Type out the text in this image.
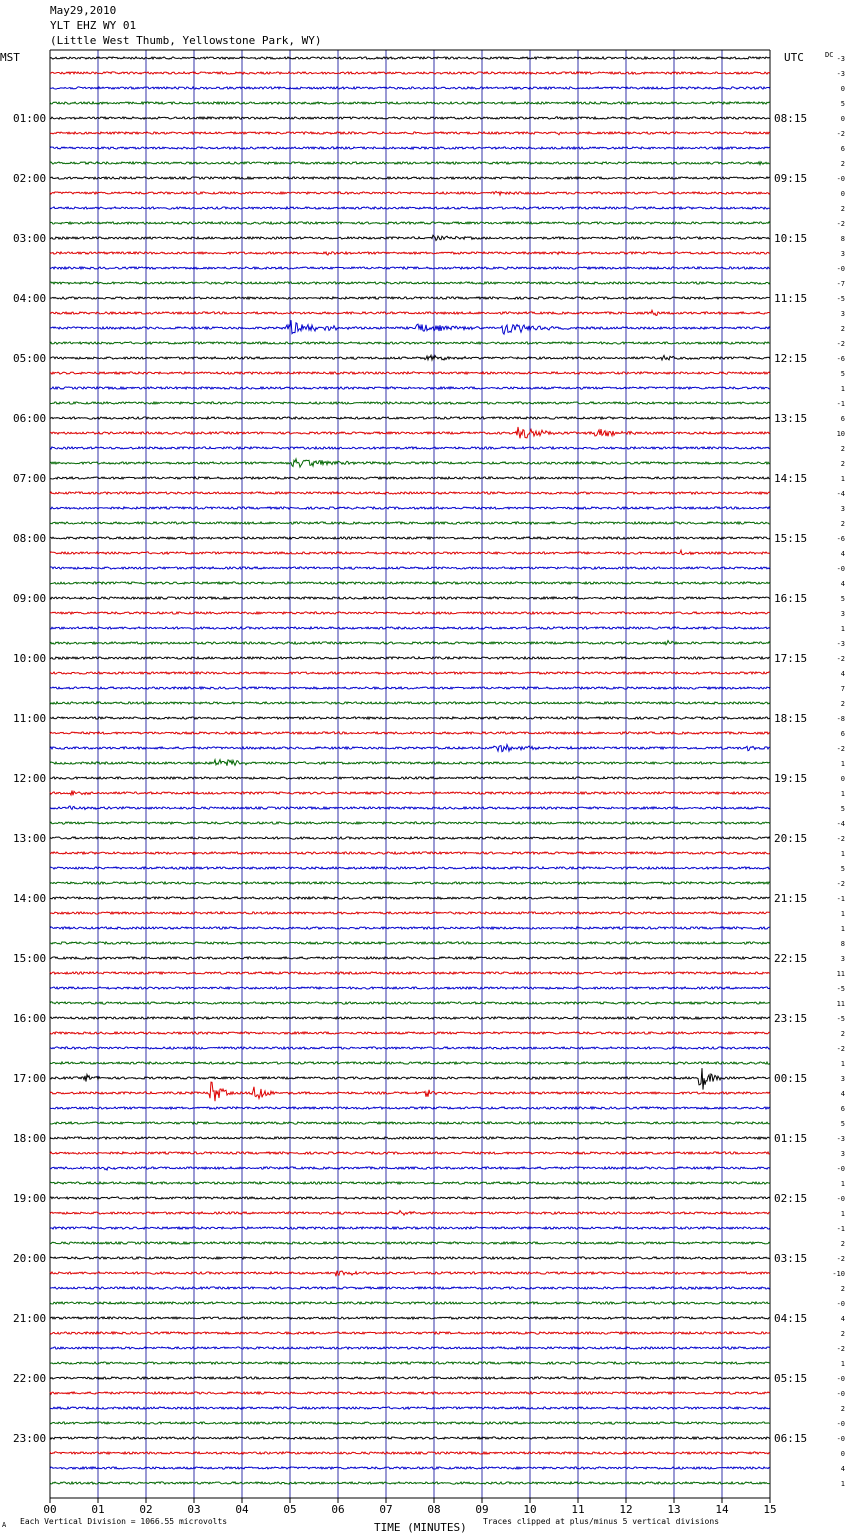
May29,2010
YLT EHZ WY 01
(Little West Thumb, Yellowstone Park, WY)
MST	UTC	DC
01:00
02:00
03:00
04:00
05:00
06:00
07:00
08:00
09:00
10:00
11:00
12:00
13:00
14:00
15:00
16:00
17:00
18:00
19:00
20:00
21:00
22:00
23:00
08:15
09:15
10:15
11:15
12:15
13:15
14:15
15:15
16:15
17:15
18:15
19:15
20:15
21:15
22:15
23:15
00:15
01:15
02:15
03:15
04:15
05:15
06:15
-3
-3
0
5
0
-2
6
2
-0
0
2
-2
8
3
-0
-7
-5
3
2
-2
-6
5
1
-1
6
10
2
2
1
-4
3
2
-6
4
-0
4
5
3
1
-3
-2
4
7
2
-8
6
-2
1
0
1
5
-4
-2
1
5
-2
-1
1
1
8
3
11
-5
11
-5
2
-2
1
3
4
6
5
-3
3
-0
1
-0
1
-1
2
-2
-10
2
-0
4
2
-2
1
-0
-0
2
-0
-0
0
4
1
00	01	02	03	04	05	06	07	08	09	10	11	12	13	14	15
TIME (MINUTES)
Each Vertical Division = 1066.55 microvolts	Traces clipped at plus/minus 5 vertical divisions
A
